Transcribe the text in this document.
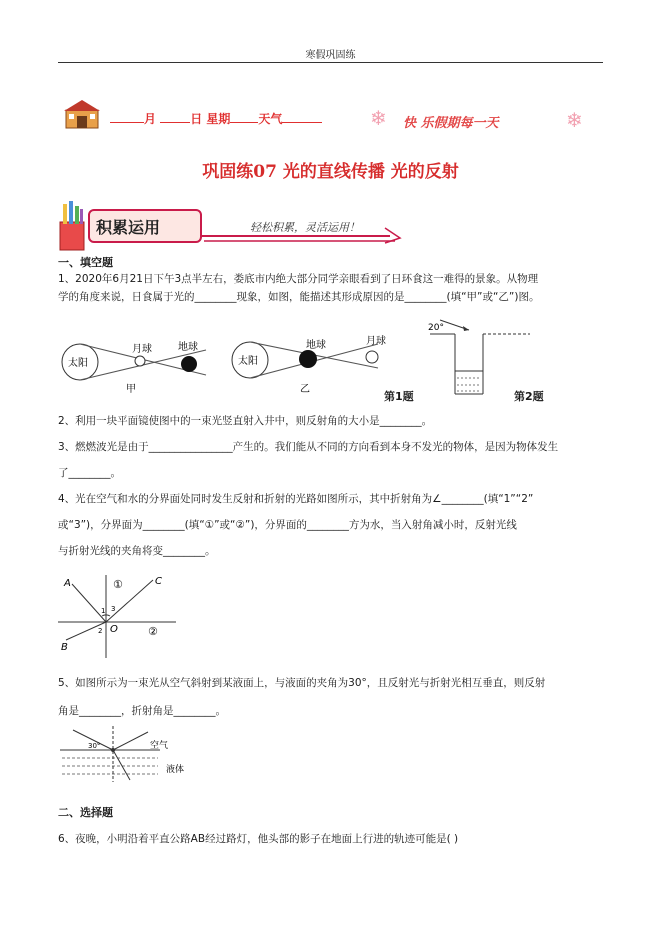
寒假巩固练
月	日 星期 天气	❄ 快 乐假期每一天	❄
巩固练07 光的直线传播 光的反射
积累运用	轻松积累，灵活运用！
一、填空题
1、2020年6月21日下午3点半左右，娄底市内绝大部分同学亲眼看到了日环食这一难得的景象。从物理
学的角度来说，日食属于光的________现象，如图，能描述其形成原因的是________(填“甲”或“乙”)图。
太阳
月球	地球
甲
太阳
地球	月球
乙
第1题
20°
第2题
2、利用一块平面镜使图中的一束光竖直射入井中，则反射角的大小是________。
3、燃燃波光是由于________________产生的。我们能从不同的方向看到本身不发光的物体，是因为物体发生
了________。
4、光在空气和水的分界面处同时发生反射和折射的光路如图所示，其中折射角为∠________(填“1”“2”
或“3”)，分界面为________(填“①”或“②”)，分界面的________方为水，当入射角减小时，反射光线
与折射光线的夹角将变________。
A	C
B
O
1 3
2
①
②
5、如图所示为一束光从空气斜射到某液面上，与液面的夹角为30°，且反射光与折射光相互垂直，则反射
角是________，折射角是________。
30°	空气
液体
二、选择题
6、夜晚，小明沿着平直公路AB经过路灯，他头部的影子在地面上行进的轨迹可能是( )
